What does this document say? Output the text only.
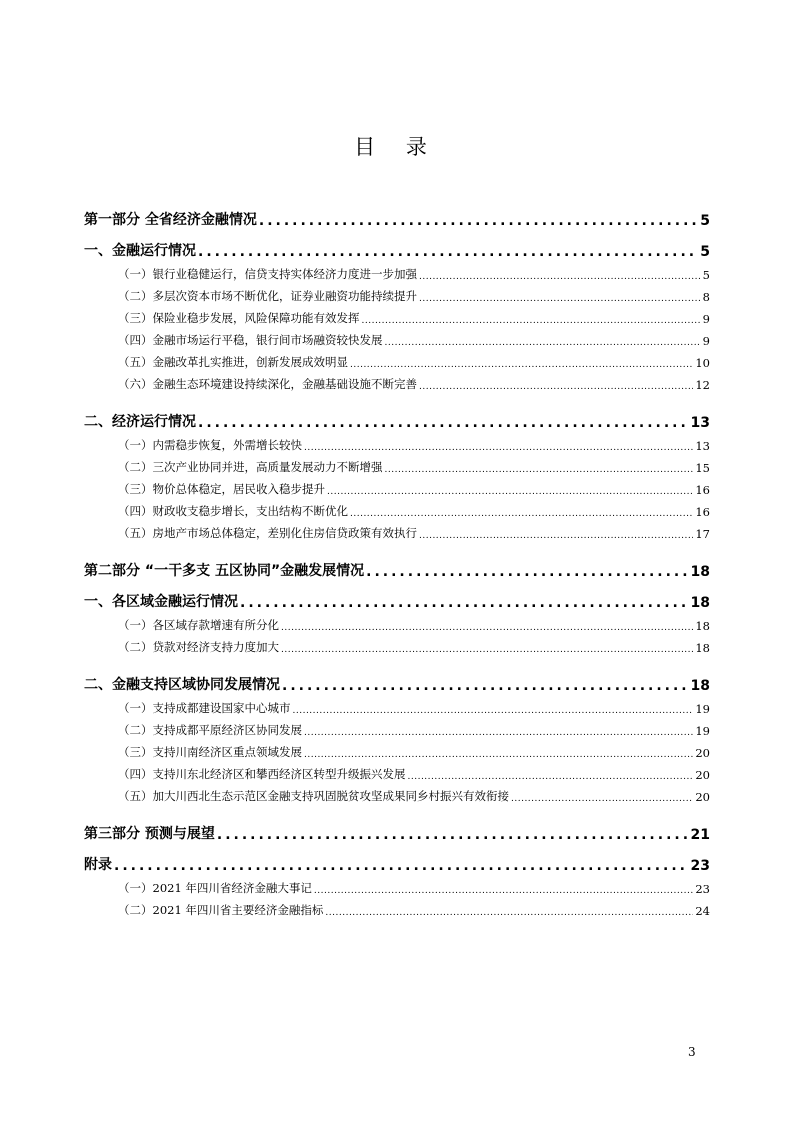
目 录
第一部分 全省经济金融情况 .....	5
一、金融运行情况 .....	5
（一）银行业稳健运行，信贷支持实体经济力度进一步加强 .....	5
（二）多层次资本市场不断优化，证券业融资功能持续提升 .....	8
（三）保险业稳步发展，风险保障功能有效发挥 .....	9
（四）金融市场运行平稳，银行间市场融资较快发展 .....	9
（五）金融改革扎实推进，创新发展成效明显 .....	10
（六）金融生态环境建设持续深化，金融基础设施不断完善 .....	12
二、经济运行情况 .....	13
（一）内需稳步恢复，外需增长较快 .....	13
（二）三次产业协同并进，高质量发展动力不断增强 .....	15
（三）物价总体稳定，居民收入稳步提升 .....	16
（四）财政收支稳步增长，支出结构不断优化 .....	16
（五）房地产市场总体稳定，差别化住房信贷政策有效执行 .....	17
第二部分 “一干多支 五区协同”金融发展情况 .....	18
一、各区域金融运行情况 .....	18
（一）各区域存款增速有所分化 .....	18
（二）贷款对经济支持力度加大 .....	18
二、金融支持区域协同发展情况 .....	18
（一）支持成都建设国家中心城市 .....	19
（二）支持成都平原经济区协同发展 .....	19
（三）支持川南经济区重点领域发展 .....	20
（四）支持川东北经济区和攀西经济区转型升级振兴发展 .....	20
（五）加大川西北生态示范区金融支持巩固脱贫攻坚成果同乡村振兴有效衔接 .....	20
第三部分 预测与展望 .....	21
附录 .....	23
（一）2021 年四川省经济金融大事记 .....	23
（二）2021 年四川省主要经济金融指标 .....	24
3
